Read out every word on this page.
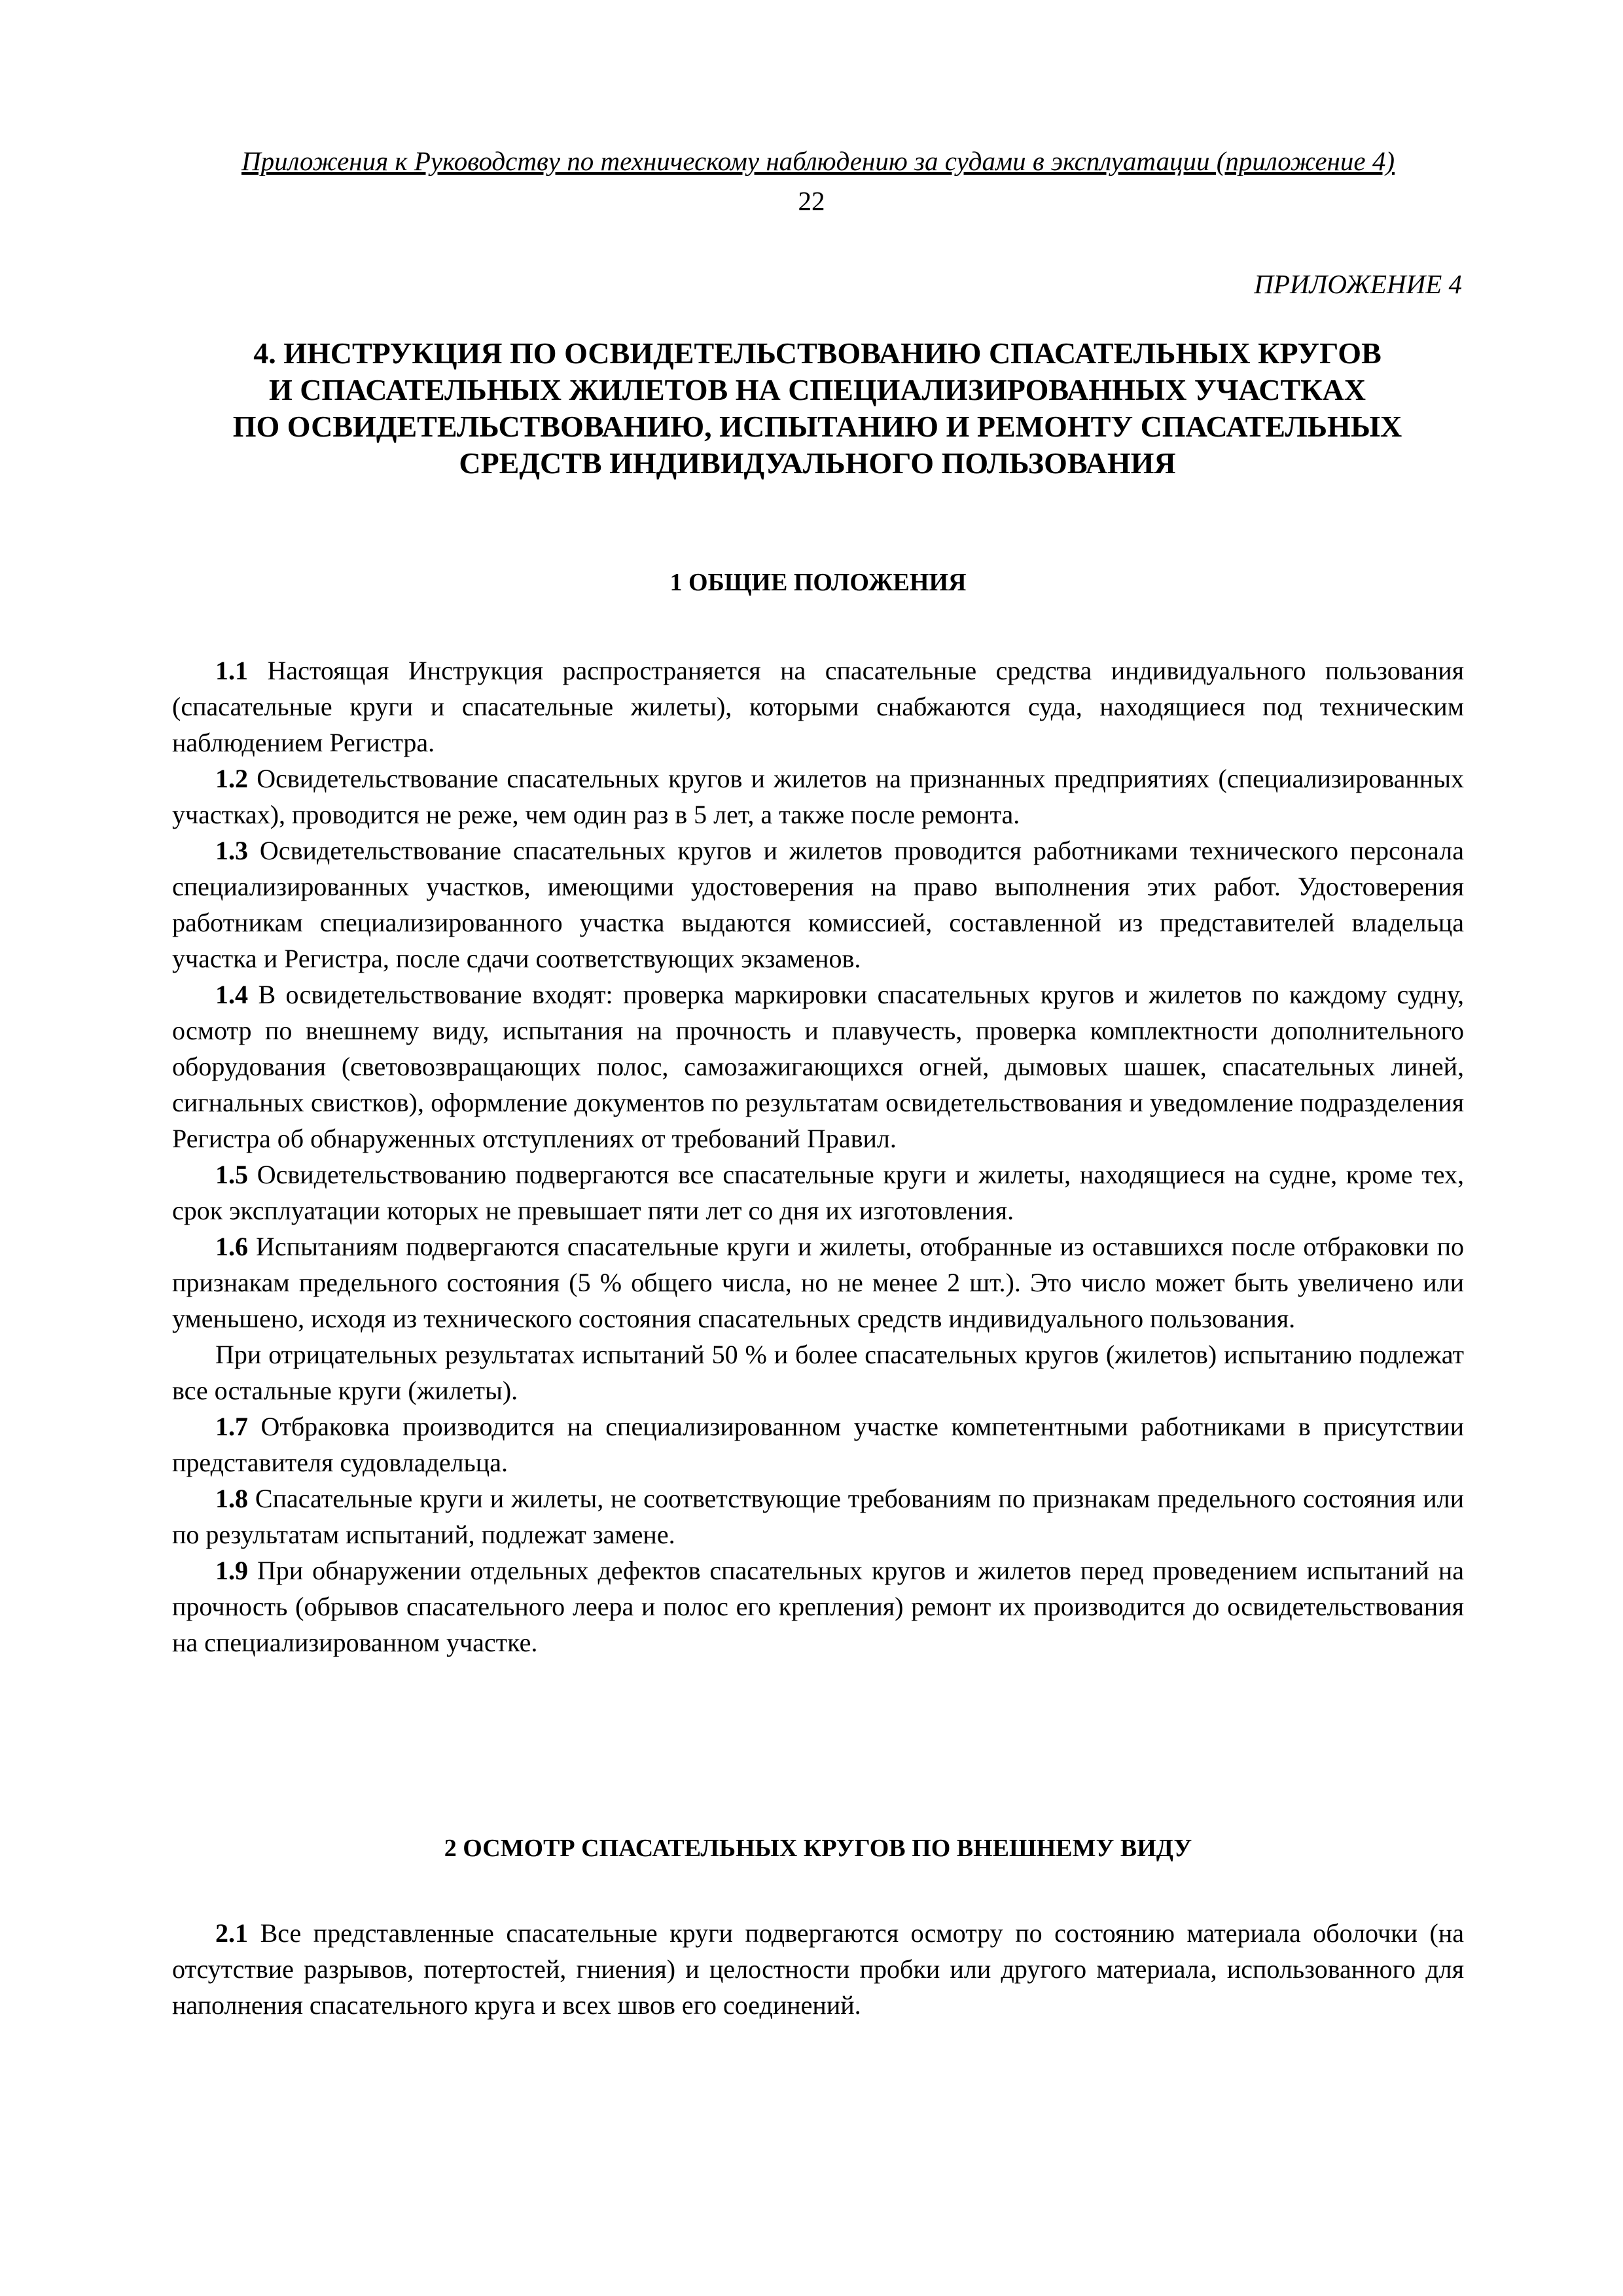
Приложения к Руководству по техническому наблюдению за судами в эксплуатации (приложение 4)
22
ПРИЛОЖЕНИЕ 4
4. ИНСТРУКЦИЯ ПО ОСВИДЕТЕЛЬСТВОВАНИЮ СПАСАТЕЛЬНЫХ КРУГОВ
И СПАСАТЕЛЬНЫХ ЖИЛЕТОВ НА СПЕЦИАЛИЗИРОВАННЫХ УЧАСТКАХ
ПО ОСВИДЕТЕЛЬСТВОВАНИЮ, ИСПЫТАНИЮ И РЕМОНТУ СПАСАТЕЛЬНЫХ
СРЕДСТВ ИНДИВИДУАЛЬНОГО ПОЛЬЗОВАНИЯ
1 ОБЩИЕ ПОЛОЖЕНИЯ

1.1 Настоящая Инструкция распространяется на спасательные средства индивидуального пользования (спасательные круги и спасательные жилеты), которыми снабжаются суда, находящиеся под техническим наблюдением Регистра.

1.2 Освидетельствование спасательных кругов и жилетов на признанных предприятиях (специализированных участках), проводится не реже, чем один раз в 5 лет, а также после ремонта.

1.3 Освидетельствование спасательных кругов и жилетов проводится работниками технического персонала специализированных участков, имеющими удостоверения на право выполнения этих работ. Удостоверения работникам специализированного участка выдаются комиссией, составленной из представителей владельца участка и Регистра, после сдачи соответствующих экзаменов.

1.4 В освидетельствование входят: проверка маркировки спасательных кругов и жилетов по каждому судну, осмотр по внешнему виду, испытания на прочность и плавучесть, проверка комплектности дополнительного оборудования (световозвращающих полос, самозажигающихся огней, дымовых шашек, спасательных линей, сигнальных свистков), оформление документов по результатам освидетельствования и уведомление подразделения Регистра об обнаруженных отступлениях от требований Правил.

1.5 Освидетельствованию подвергаются все спасательные круги и жилеты, находящиеся на судне, кроме тех, срок эксплуатации которых не превышает пяти лет со дня их изготовления.

1.6 Испытаниям подвергаются спасательные круги и жилеты, отобранные из оставшихся после отбраковки по признакам предельного состояния (5 % общего числа, но не менее 2 шт.). Это число может быть увеличено или уменьшено, исходя из технического состояния спасательных средств индивидуального пользования.

При отрицательных результатах испытаний 50 % и более спасательных кругов (жилетов) испытанию подлежат все остальные круги (жилеты).

1.7 Отбраковка производится на специализированном участке компетентными работниками в присутствии представителя судовладельца.

1.8 Спасательные круги и жилеты, не соответствующие требованиям по признакам предельного состояния или по результатам испытаний, подлежат замене.

1.9 При обнаружении отдельных дефектов спасательных кругов и жилетов перед проведением испытаний на прочность (обрывов спасательного леера и полос его крепления) ремонт их производится до освидетельствования на специализированном участке.

2 ОСМОТР СПАСАТЕЛЬНЫХ КРУГОВ ПО ВНЕШНЕМУ ВИДУ

2.1 Все представленные спасательные круги подвергаются осмотру по состоянию материала оболочки (на отсутствие разрывов, потертостей, гниения) и целостности пробки или другого материала, использованного для наполнения спасательного круга и всех швов его соединений.
